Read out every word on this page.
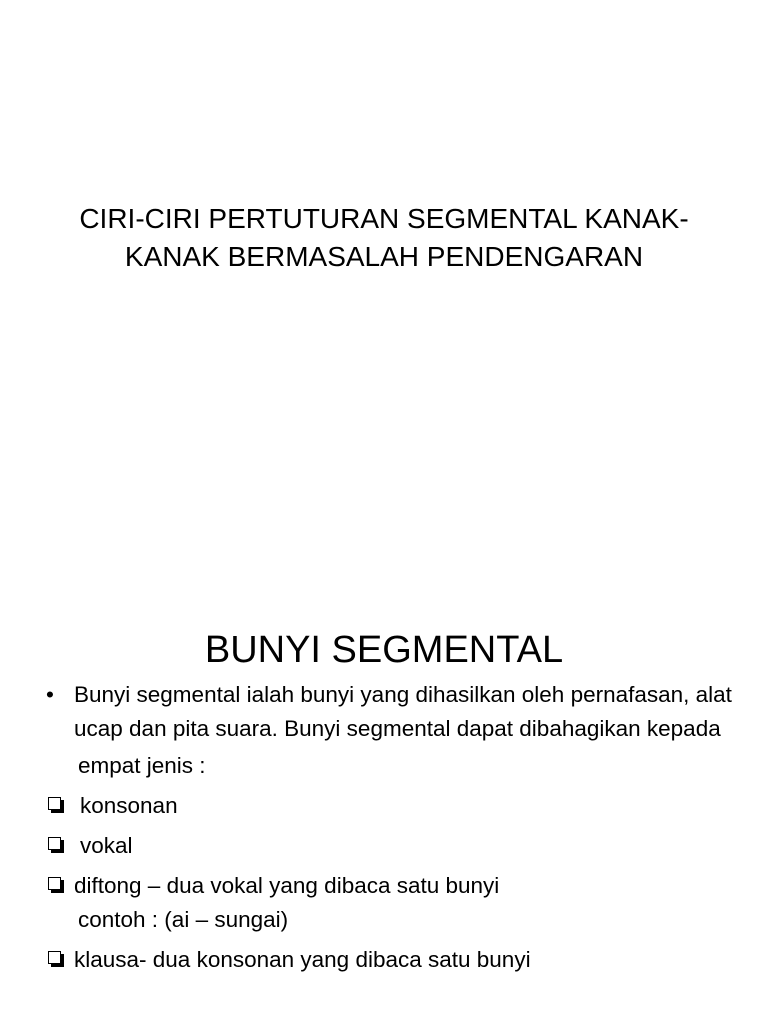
CIRI-CIRI PERTUTURAN SEGMENTAL KANAK-
KANAK BERMASALAH PENDENGARAN
BUNYI SEGMENTAL

• Bunyi segmental ialah bunyi yang dihasilkan oleh pernafasan, alat ucap dan pita suara. Bunyi segmental dapat dibahagikan kepada

empat jenis :

konsonan
vokal
diftong – dua vokal yang dibaca satu bunyi

contoh : (ai – sungai)

klausa- dua konsonan yang dibaca satu bunyi
